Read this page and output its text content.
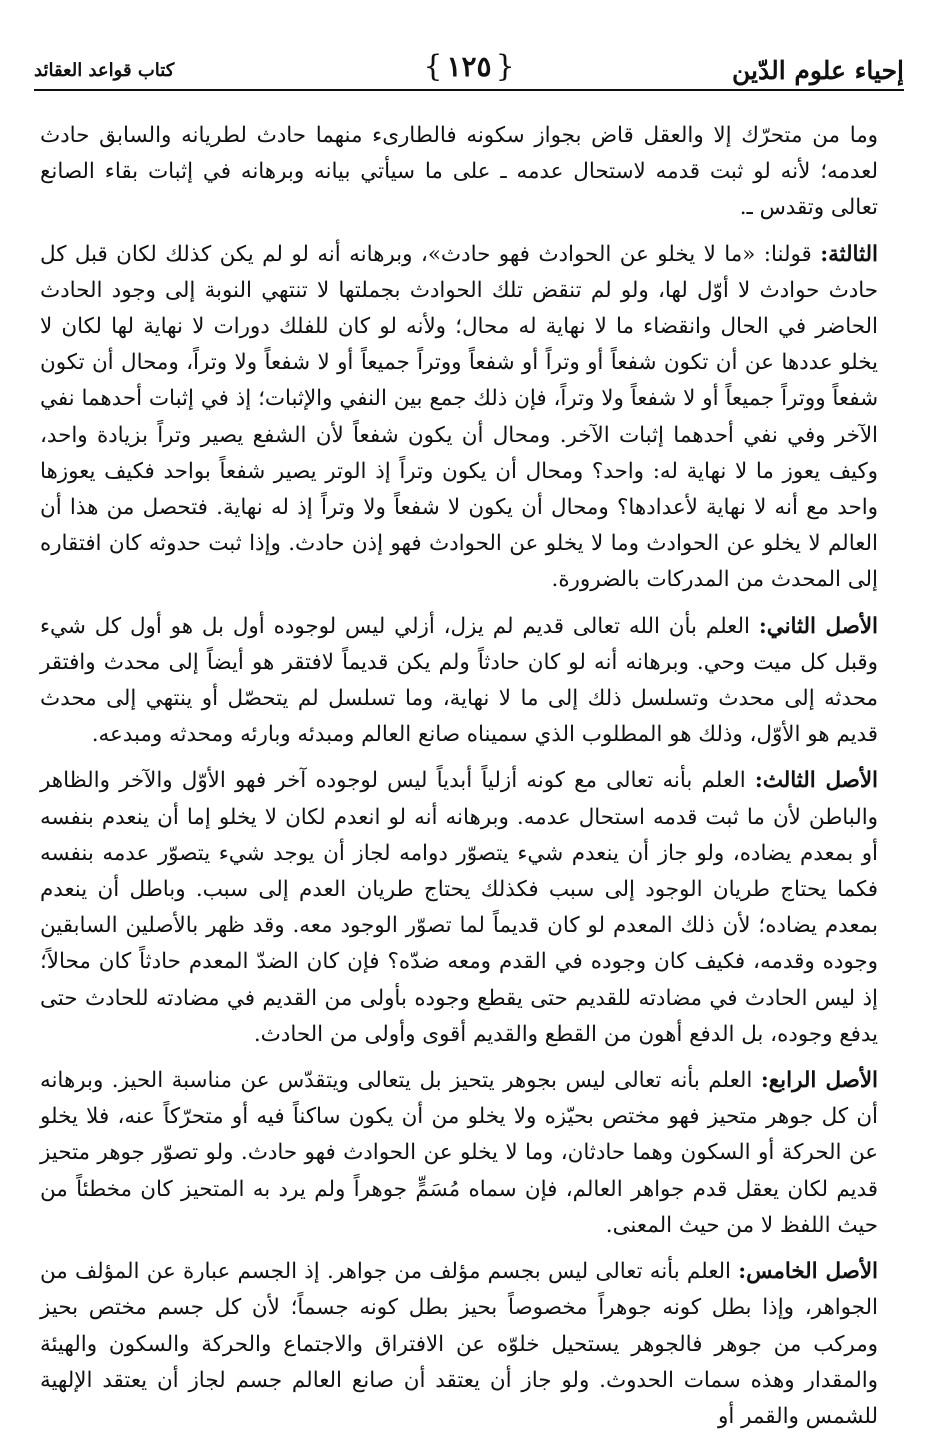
إحياء علوم الدّين
{ ١٢٥ }
كتاب قواعد العقائد

وما من متحرّك إلا والعقل قاض بجواز سكونه فالطارىء منهما حادث لطريانه والسابق حادث لعدمه؛ لأنه لو ثبت قدمه لاستحال عدمه ـ على ما سيأتي بيانه وبرهانه في إثبات بقاء الصانع تعالى وتقدس ـ.

الثالثة: قولنا: «ما لا يخلو عن الحوادث فهو حادث»، وبرهانه أنه لو لم يكن كذلك لكان قبل كل حادث حوادث لا أوّل لها، ولو لم تنقض تلك الحوادث بجملتها لا تنتهي النوبة إلى وجود الحادث الحاضر في الحال وانقضاء ما لا نهاية له محال؛ ولأنه لو كان للفلك دورات لا نهاية لها لكان لا يخلو عددها عن أن تكون شفعاً أو وتراً أو شفعاً ووتراً جميعاً أو لا شفعاً ولا وتراً، ومحال أن تكون شفعاً ووتراً جميعاً أو لا شفعاً ولا وتراً، فإن ذلك جمع بين النفي والإثبات؛ إذ في إثبات أحدهما نفي الآخر وفي نفي أحدهما إثبات الآخر. ومحال أن يكون شفعاً لأن الشفع يصير وتراً بزيادة واحد، وكيف يعوز ما لا نهاية له: واحد؟ ومحال أن يكون وتراً إذ الوتر يصير شفعاً بواحد فكيف يعوزها واحد مع أنه لا نهاية لأعدادها؟ ومحال أن يكون لا شفعاً ولا وتراً إذ له نهاية. فتحصل من هذا أن العالم لا يخلو عن الحوادث وما لا يخلو عن الحوادث فهو إذن حادث. وإذا ثبت حدوثه كان افتقاره إلى المحدث من المدركات بالضرورة.

الأصل الثاني: العلم بأن الله تعالى قديم لم يزل، أزلي ليس لوجوده أول بل هو أول كل شيء وقبل كل ميت وحي. وبرهانه أنه لو كان حادثاً ولم يكن قديماً لافتقر هو أيضاً إلى محدث وافتقر محدثه إلى محدث وتسلسل ذلك إلى ما لا نهاية، وما تسلسل لم يتحصّل أو ينتهي إلى محدث قديم هو الأوّل، وذلك هو المطلوب الذي سميناه صانع العالم ومبدئه وبارئه ومحدثه ومبدعه.

الأصل الثالث: العلم بأنه تعالى مع كونه أزلياً أبدياً ليس لوجوده آخر فهو الأوّل والآخر والظاهر والباطن لأن ما ثبت قدمه استحال عدمه. وبرهانه أنه لو انعدم لكان لا يخلو إما أن ينعدم بنفسه أو بمعدم يضاده، ولو جاز أن ينعدم شيء يتصوّر دوامه لجاز أن يوجد شيء يتصوّر عدمه بنفسه فكما يحتاج طريان الوجود إلى سبب فكذلك يحتاج طريان العدم إلى سبب. وباطل أن ينعدم بمعدم يضاده؛ لأن ذلك المعدم لو كان قديماً لما تصوّر الوجود معه. وقد ظهر بالأصلين السابقين وجوده وقدمه، فكيف كان وجوده في القدم ومعه ضدّه؟ فإن كان الضدّ المعدم حادثاً كان محالاً؛ إذ ليس الحادث في مضادته للقديم حتى يقطع وجوده بأولى من القديم في مضادته للحادث حتى يدفع وجوده، بل الدفع أهون من القطع والقديم أقوى وأولى من الحادث.

الأصل الرابع: العلم بأنه تعالى ليس بجوهر يتحيز بل يتعالى ويتقدّس عن مناسبة الحيز. وبرهانه أن كل جوهر متحيز فهو مختص بحيّزه ولا يخلو من أن يكون ساكناً فيه أو متحرّكاً عنه، فلا يخلو عن الحركة أو السكون وهما حادثان، وما لا يخلو عن الحوادث فهو حادث. ولو تصوّر جوهر متحيز قديم لكان يعقل قدم جواهر العالم، فإن سماه مُسَمٍّ جوهراً ولم يرد به المتحيز كان مخطئاً من حيث اللفظ لا من حيث المعنى.

الأصل الخامس: العلم بأنه تعالى ليس بجسم مؤلف من جواهر. إذ الجسم عبارة عن المؤلف من الجواهر، وإذا بطل كونه جوهراً مخصوصاً بحيز بطل كونه جسماً؛ لأن كل جسم مختص بحيز ومركب من جوهر فالجوهر يستحيل خلوّه عن الافتراق والاجتماع والحركة والسكون والهيئة والمقدار وهذه سمات الحدوث. ولو جاز أن يعتقد أن صانع العالم جسم لجاز أن يعتقد الإلهية للشمس والقمر أو
